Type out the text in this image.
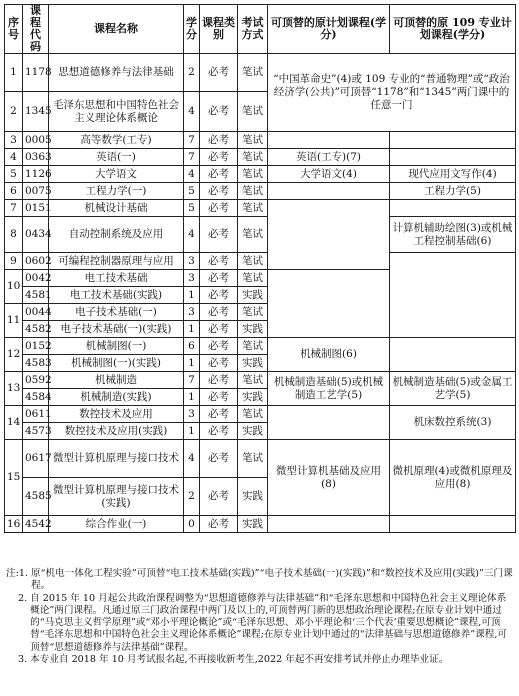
序号	课程代码	课程名称	学分	课程类别	考试方式	可顶替的原计划课程(学分)	可顶替的原 109 专业计划课程(学分)
1	1178	思想道德修养与法律基础	2	必考	笔试	“中国革命史”(4)或 109 专业的“普通物理”或“政治经济学(公共)”可顶替“1178”和“1345”两门课中的任意一门	
2	1345	毛泽东思想和中国特色社会主义理论体系概论	4	必考	笔试		
3	0005	高等数学(工专)	7	必考	笔试		
4	0363	英语(一)	7	必考	笔试	英语(工专)(7)	
5	1126	大学语文	4	必考	笔试	大学语文(4)	现代应用文写作(4)
6	0075	工程力学(一)	5	必考	笔试		工程力学(5)
7	0151	机械设计基础	5	必考	笔试		
8	0434	自动控制系统及应用	4	必考	笔试		计算机辅助绘图(3)或机械工程控制基础(6)
9	0602	可编程控制器原理与应用	3	必考	笔试		
10	0042	电工技术基础	3	必考	笔试		
	4581	电工技术基础(实践)	1	必考	实践		
11	0044	电子技术基础(一)	3	必考	笔试		
	4582	电子技术基础(一)(实践)	1	必考	实践		
12	0152	机械制图(一)	6	必考	笔试	机械制图(6)	
	4583	机械制图(一)(实践)	1	必考	实践		
13	0592	机械制造	7	必考	笔试	机械制造基础(5)或机械制造工艺学(5)	机械制造基础(5)或金属工艺学(5)
	4584	机械制造(实践)	1	必考	实践		
14	0611	数控技术及应用	3	必考	笔试		机床数控系统(3)
	4573	数控技术及应用(实践)	1	必考	实践		
15	0617	微型计算机原理与接口技术	4	必考	笔试	微型计算机基础及应用(8)	微机原理(4)或微机原理及应用(8)
	4585	微型计算机原理与接口技术(实践)	2	必考	实践		
16	4542	综合作业(一)	0	必考	实践		
注: 1. 原“机电一体化工程实验”可顶替“电工技术基础(实践)”“电子技术基础(一)(实践)”和“数控技术及应用(实践)”三门课程。
2. 自 2015 年 10 月起公共政治课程调整为“思想道德修养与法律基础”和“毛泽东思想和中国特色社会主义理论体系概论”两门课程。凡通过原三门政治课程中两门及以上的,可顶替两门新的思想政治理论课程;在原专业计划中通过的“马克思主义哲学原理”或“邓小平理论概论”或“毛泽东思想、邓小平理论和‘三个代表’重要思想概论”课程,可顶替“毛泽东思想和中国特色社会主义理论体系概论”课程;在原专业计划中通过的“法律基础与思想道德修养”课程,可顶替“思想道德修养与法律基础”课程。
3. 本专业自 2018 年 10 月考试报名起,不再接收新考生,2022 年起不再安排考试并停止办理毕业证。
